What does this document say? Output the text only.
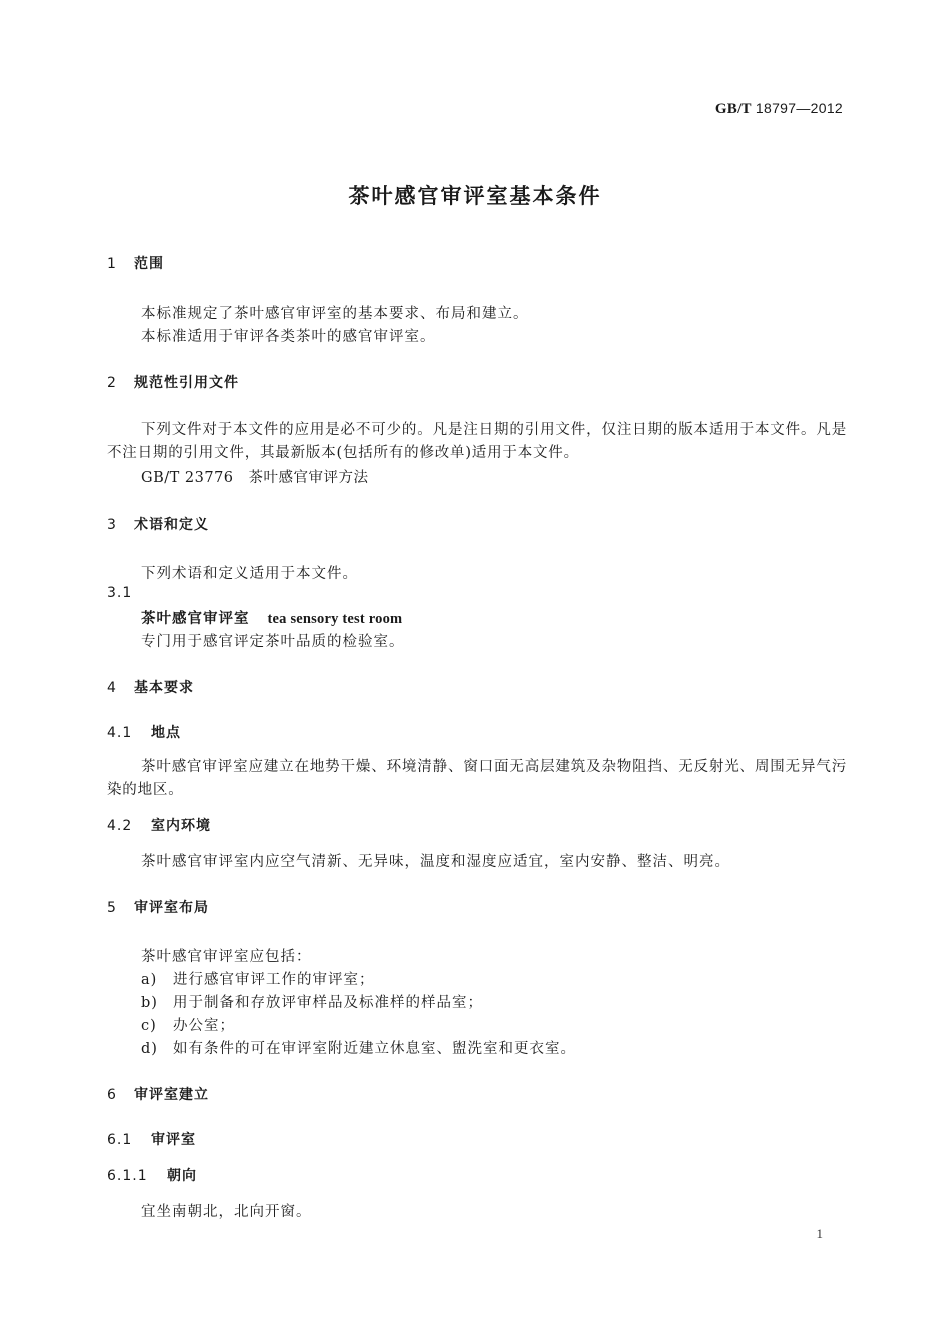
GB/T 18797—2012
茶叶感官审评室基本条件
1 范围
本标准规定了茶叶感官审评室的基本要求、布局和建立。
本标准适用于审评各类茶叶的感官审评室。
2 规范性引用文件
下列文件对于本文件的应用是必不可少的。凡是注日期的引用文件，仅注日期的版本适用于本文件。凡是不注日期的引用文件，其最新版本(包括所有的修改单)适用于本文件。
GB/T 23776　茶叶感官审评方法
3 术语和定义
下列术语和定义适用于本文件。
3.1
茶叶感官审评室 tea sensory test room
专门用于感官评定茶叶品质的检验室。
4 基本要求
4.1 地点
茶叶感官审评室应建立在地势干燥、环境清静、窗口面无高层建筑及杂物阻挡、无反射光、周围无异气污染的地区。
4.2 室内环境
茶叶感官审评室内应空气清新、无异味，温度和湿度应适宜，室内安静、整洁、明亮。
5 审评室布局
茶叶感官审评室应包括：
a) 进行感官审评工作的审评室；
b) 用于制备和存放评审样品及标准样的样品室；
c) 办公室；
d) 如有条件的可在审评室附近建立休息室、盥洗室和更衣室。
6 审评室建立
6.1 审评室
6.1.1 朝向
宜坐南朝北，北向开窗。
1
